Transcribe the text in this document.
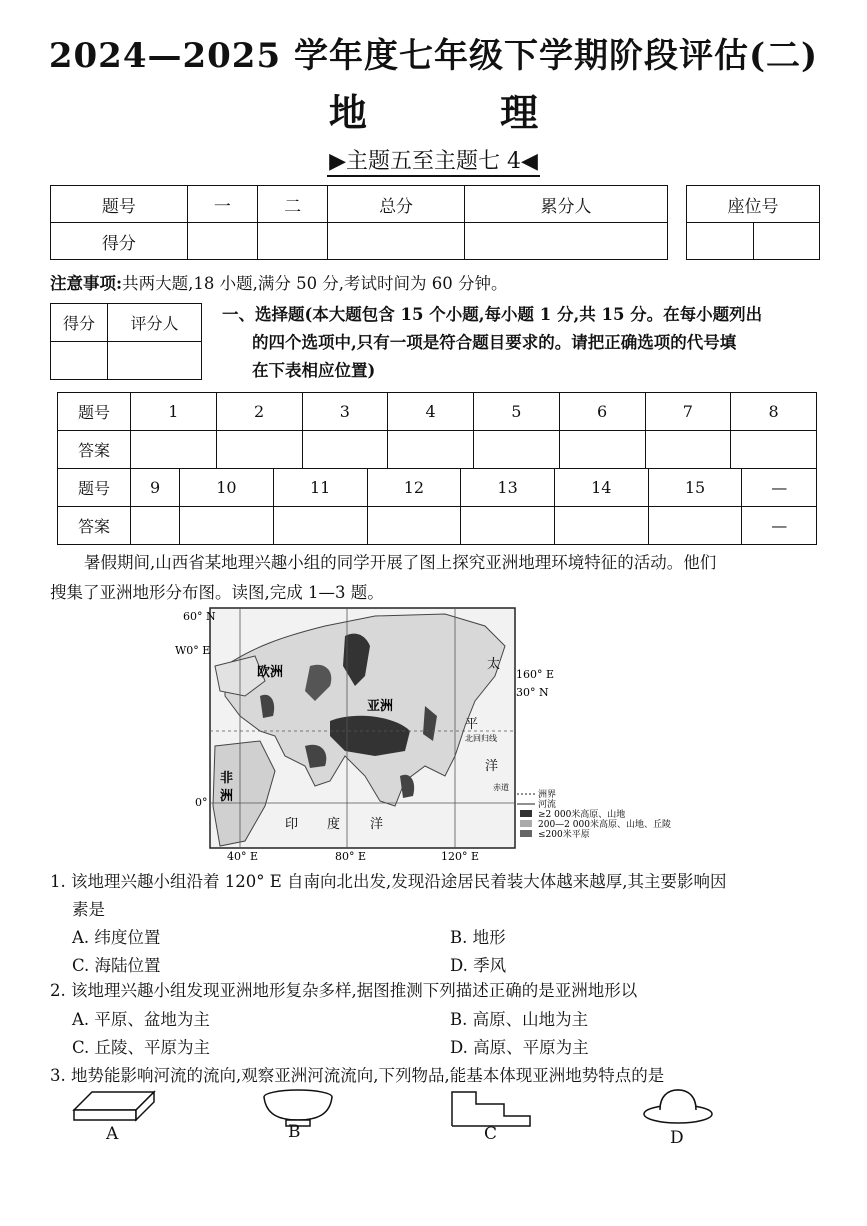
2024—2025 学年度七年级下学期阶段评估(二)
地 理
▶主题五至主题七 4◀
题号	一	二	总分	累分人
得分				
座位号

注意事项:共两大题,18 小题,满分 50 分,考试时间为 60 分钟。
得分	评分人
		一、选择题(本大题包含 15 个小题,每小题 1 分,共 15 分。在每小题列出
的四个选项中,只有一项是符合题目要求的。请把正确选项的代号填
在下表相应位置)
题号	1	2	3	4	5	6	7	8
答案								
题号	9	10	11	12	13	14	15	—
答案								—
暑假期间,山西省某地理兴趣小组的同学开展了图上探究亚洲地理环境特征的活动。他们
搜集了亚洲地形分布图。读图,完成 1—3 题。
60° N
W0° E
160° E
30° N
0°
40° E	80° E	120° E
欧洲
亚洲
非
洲
太
平
洋
印 度 洋
北回归线
赤道
洲界
河流
≥2 000米高原、山地
200—2 000米高原、山地、丘陵
≤200米平原
1. 该地理兴趣小组沿着 120° E 自南向北出发,发现沿途居民着装大体越来越厚,其主要影响因
素是
A. 纬度位置	B. 地形
C. 海陆位置	D. 季风
2. 该地理兴趣小组发现亚洲地形复杂多样,据图推测下列描述正确的是亚洲地形以
A. 平原、盆地为主	B. 高原、山地为主
C. 丘陵、平原为主	D. 高原、平原为主
3. 地势能影响河流的流向,观察亚洲河流流向,下列物品,能基本体现亚洲地势特点的是
A	B	C	D
